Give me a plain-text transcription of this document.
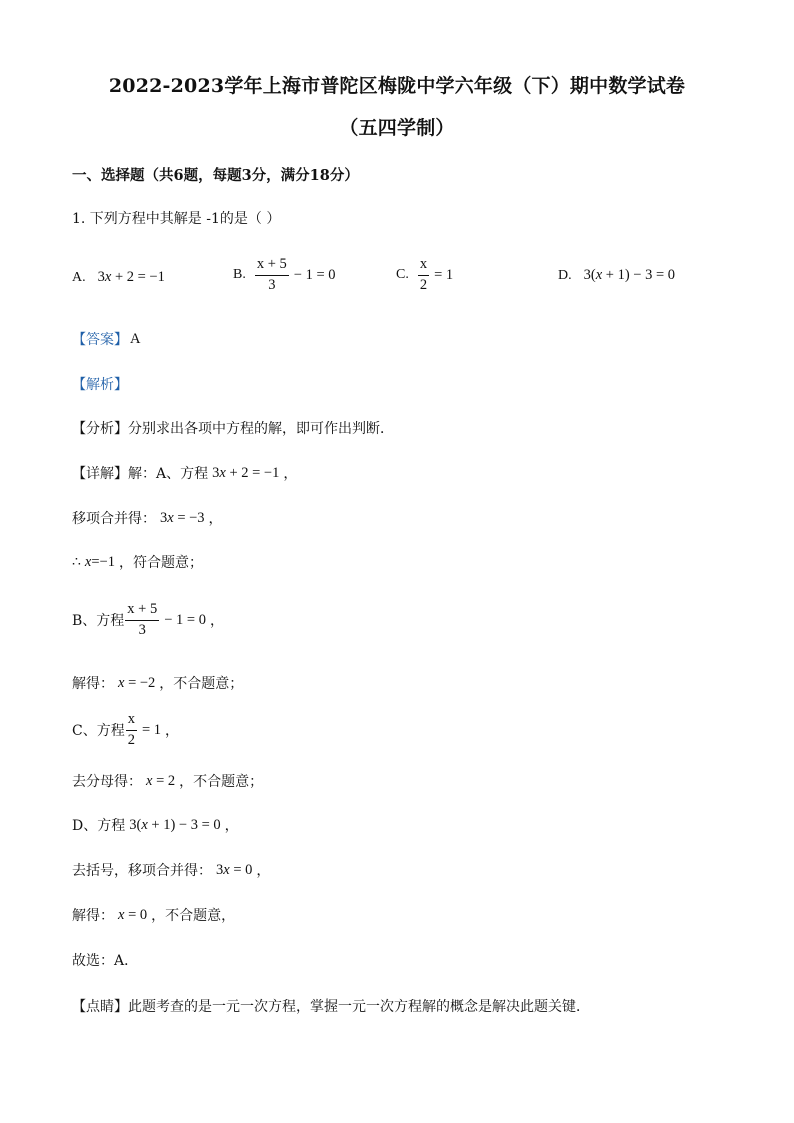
2022-2023学年上海市普陀区梅陇中学六年级（下）期中数学试卷
（五四学制）
一、选择题（共6题，每题3分，满分18分）
1. 下列方程中其解是 -1的是（ ）
A. 3x + 2 = −1	B. $\frac{x + 5}{3} - 1 = 0$	C. $\frac{x}{2} = 1$	D. 3(x + 1) − 3 = 0
【答案】 A
【解析】
【分析】 分别求出各项中方程的解，即可作出判断．
【详解】 解：A、方程 3x + 2 = −1 ，
移项合并得： 3x = −3 ，
∴ x=−1 ，符合题意；
B、方程 $\frac{x + 5}{3} - 1 = 0$ ，
解得： x = −2 ，不合题意；
C、方程 $\frac{x}{2} = 1$ ，
去分母得： x = 2 ，不合题意；
D、方程 3(x + 1) − 3 = 0 ，
去括号，移项合并得： 3x = 0 ，
解得： x = 0 ，不合题意，
故选：A．
【点睛】 此题考查的是一元一次方程，掌握一元一次方程解的概念是解决此题关键．
